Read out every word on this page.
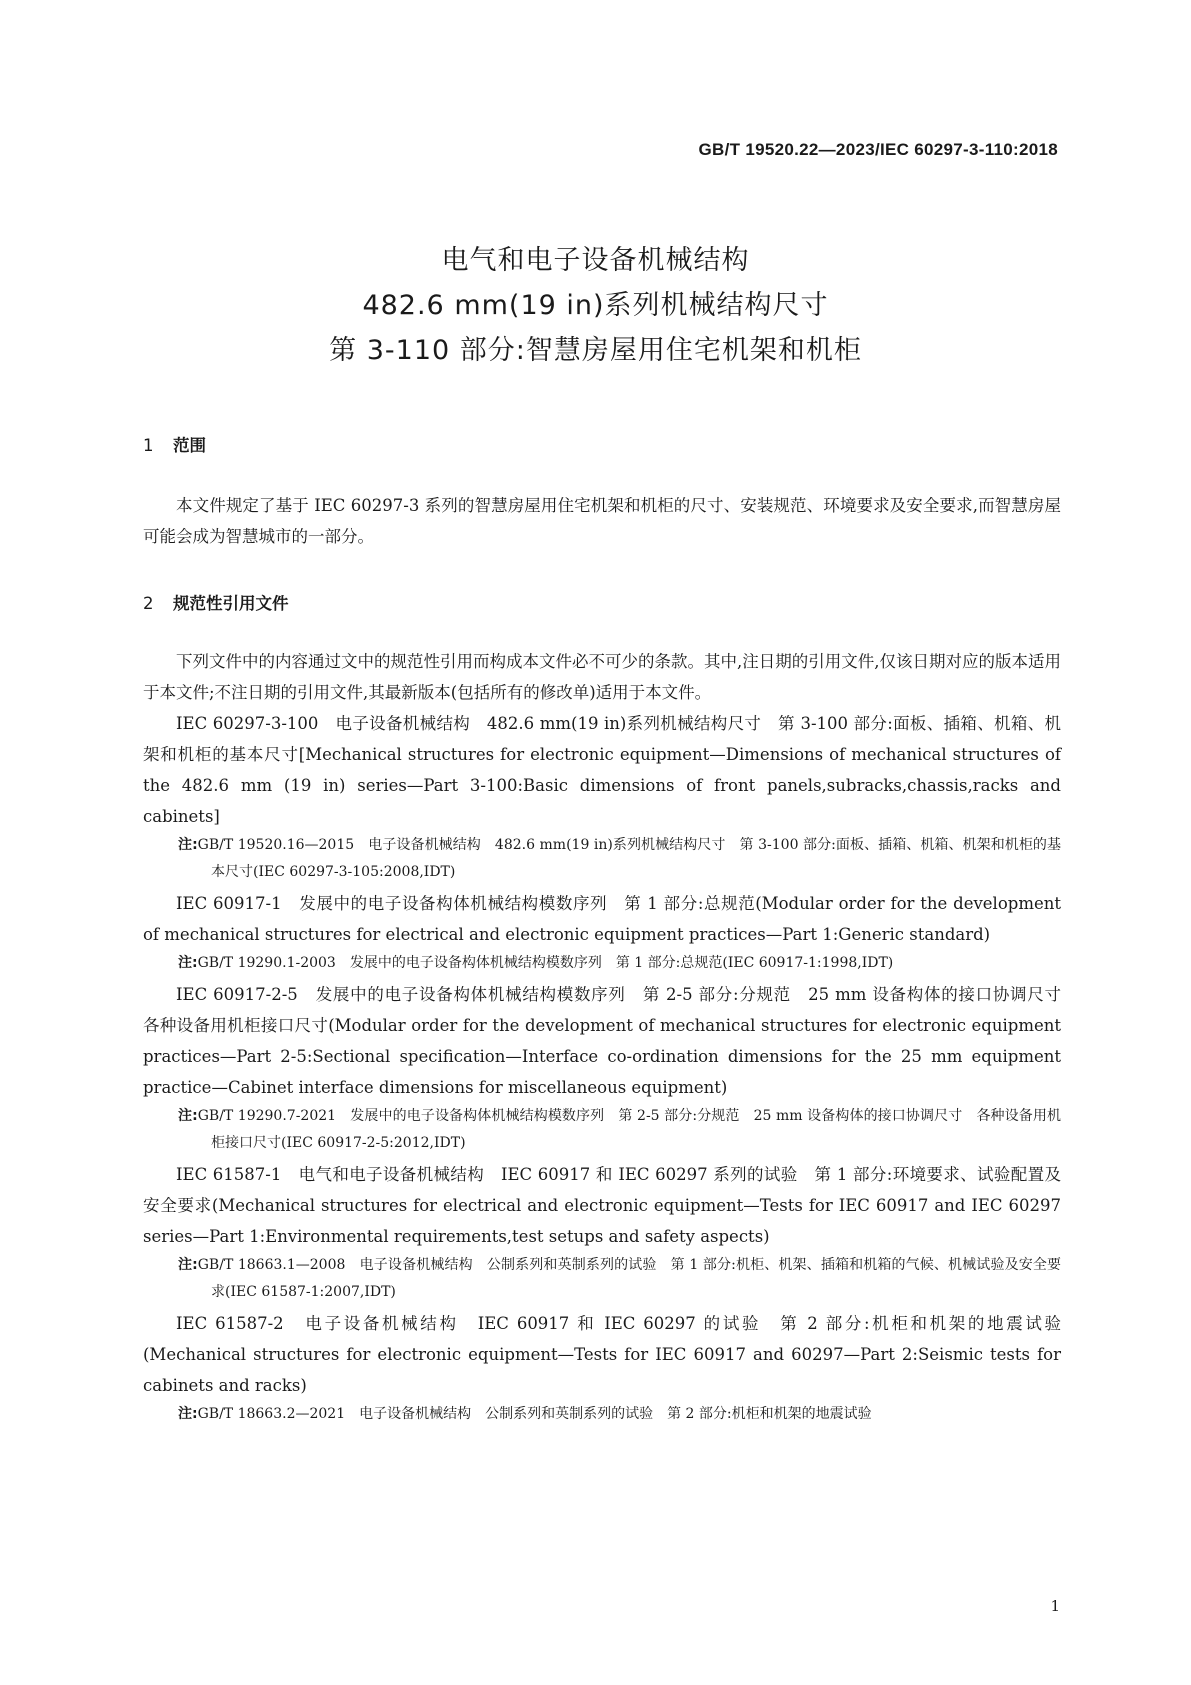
GB/T 19520.22—2023/IEC 60297-3-110:2018
电气和电子设备机械结构
482.6 mm(19 in)系列机械结构尺寸
第 3-110 部分:智慧房屋用住宅机架和机柜
1 范围

本文件规定了基于 IEC 60297-3 系列的智慧房屋用住宅机架和机柜的尺寸、安装规范、环境要求及安全要求,而智慧房屋可能会成为智慧城市的一部分。

2 规范性引用文件

下列文件中的内容通过文中的规范性引用而构成本文件必不可少的条款。其中,注日期的引用文件,仅该日期对应的版本适用于本文件;不注日期的引用文件,其最新版本(包括所有的修改单)适用于本文件。

IEC 60297-3-100　电子设备机械结构　482.6 mm(19 in)系列机械结构尺寸　第 3-100 部分:面板、插箱、机箱、机架和机柜的基本尺寸[Mechanical structures for electronic equipment—Dimensions of mechanical structures of the 482.6 mm (19 in) series—Part 3-100:Basic dimensions of front panels,subracks,chassis,racks and cabinets]

注:GB/T 19520.16—2015　电子设备机械结构　482.6 mm(19 in)系列机械结构尺寸　第 3-100 部分:面板、插箱、机箱、机架和机柜的基本尺寸(IEC 60297-3-105:2008,IDT)

IEC 60917-1　发展中的电子设备构体机械结构模数序列　第 1 部分:总规范(Modular order for the development of mechanical structures for electrical and electronic equipment practices—Part 1:Generic standard)

注:GB/T 19290.1-2003　发展中的电子设备构体机械结构模数序列　第 1 部分:总规范(IEC 60917-1:1998,IDT)

IEC 60917-2-5　发展中的电子设备构体机械结构模数序列　第 2-5 部分:分规范　25 mm 设备构体的接口协调尺寸　各种设备用机柜接口尺寸(Modular order for the development of mechanical structures for electronic equipment practices—Part 2-5:Sectional specification—Interface co-ordination dimensions for the 25 mm equipment practice—Cabinet interface dimensions for miscellaneous equipment)

注:GB/T 19290.7-2021　发展中的电子设备构体机械结构模数序列　第 2-5 部分:分规范　25 mm 设备构体的接口协调尺寸　各种设备用机柜接口尺寸(IEC 60917-2-5:2012,IDT)

IEC 61587-1　电气和电子设备机械结构　IEC 60917 和 IEC 60297 系列的试验　第 1 部分:环境要求、试验配置及安全要求(Mechanical structures for electrical and electronic equipment—Tests for IEC 60917 and IEC 60297 series—Part 1:Environmental requirements,test setups and safety aspects)

注:GB/T 18663.1—2008　电子设备机械结构　公制系列和英制系列的试验　第 1 部分:机柜、机架、插箱和机箱的气候、机械试验及安全要求(IEC 61587-1:2007,IDT)

IEC 61587-2　电子设备机械结构　IEC 60917 和 IEC 60297 的试验　第 2 部分:机柜和机架的地震试验(Mechanical structures for electronic equipment—Tests for IEC 60917 and 60297—Part 2:Seismic tests for cabinets and racks)

注:GB/T 18663.2—2021　电子设备机械结构　公制系列和英制系列的试验　第 2 部分:机柜和机架的地震试验

1
